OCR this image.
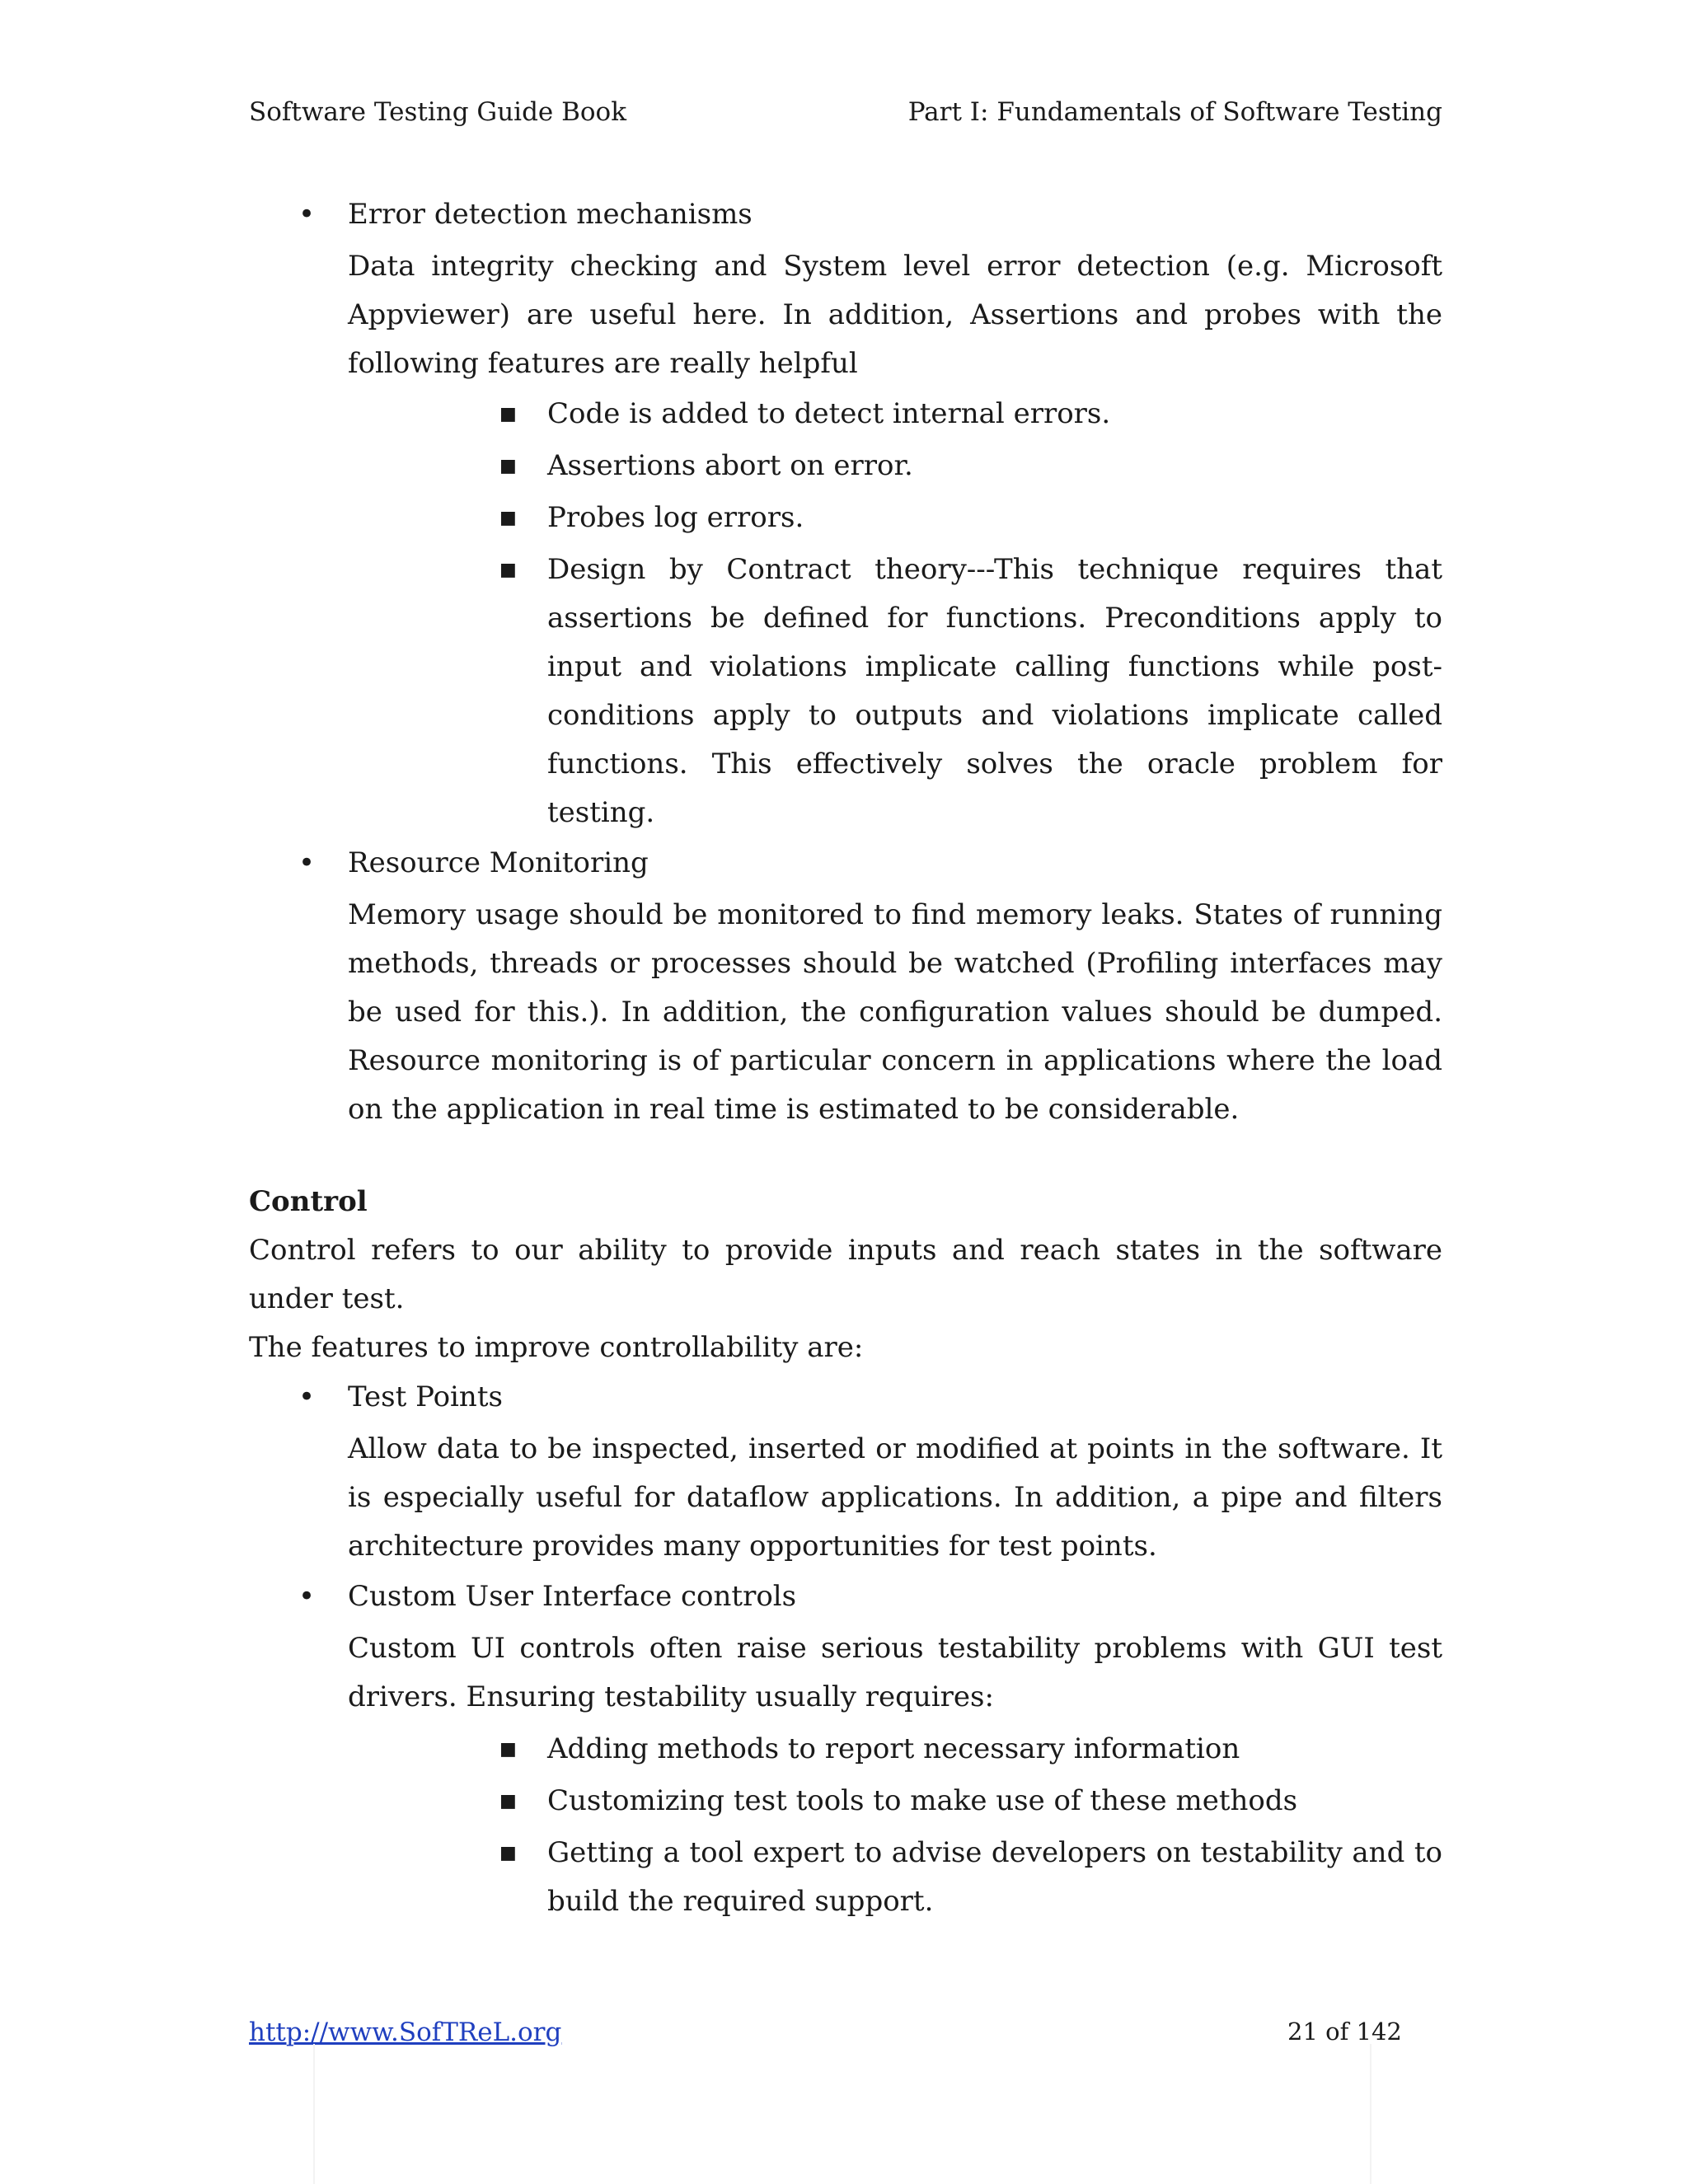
Software Testing Guide Book	Part I: Fundamentals of Software Testing
•	Error detection mechanisms
Data integrity checking and System level error detection (e.g. Microsoft Appviewer) are useful here. In addition, Assertions and probes with the following features are really helpful
■	Code is added to detect internal errors.
■	Assertions abort on error.
■	Probes log errors.
■	Design by Contract theory---This technique requires that assertions be defined for functions. Preconditions apply to input and violations implicate calling functions while post-conditions apply to outputs and violations implicate called functions. This effectively solves the oracle problem for testing.
•	Resource Monitoring
Memory usage should be monitored to find memory leaks. States of running methods, threads or processes should be watched (Profiling interfaces may be used for this.). In addition, the configuration values should be dumped. Resource monitoring is of particular concern in applications where the load on the application in real time is estimated to be considerable.
Control
Control refers to our ability to provide inputs and reach states in the software under test.
The features to improve controllability are:
•	Test Points
Allow data to be inspected, inserted or modified at points in the software. It is especially useful for dataflow applications. In addition, a pipe and filters architecture provides many opportunities for test points.
•	Custom User Interface controls
Custom UI controls often raise serious testability problems with GUI test drivers. Ensuring testability usually requires:
■	Adding methods to report necessary information
■	Customizing test tools to make use of these methods
■	Getting a tool expert to advise developers on testability and to build the required support.
http://www.SofTReL.org	21 of 142
